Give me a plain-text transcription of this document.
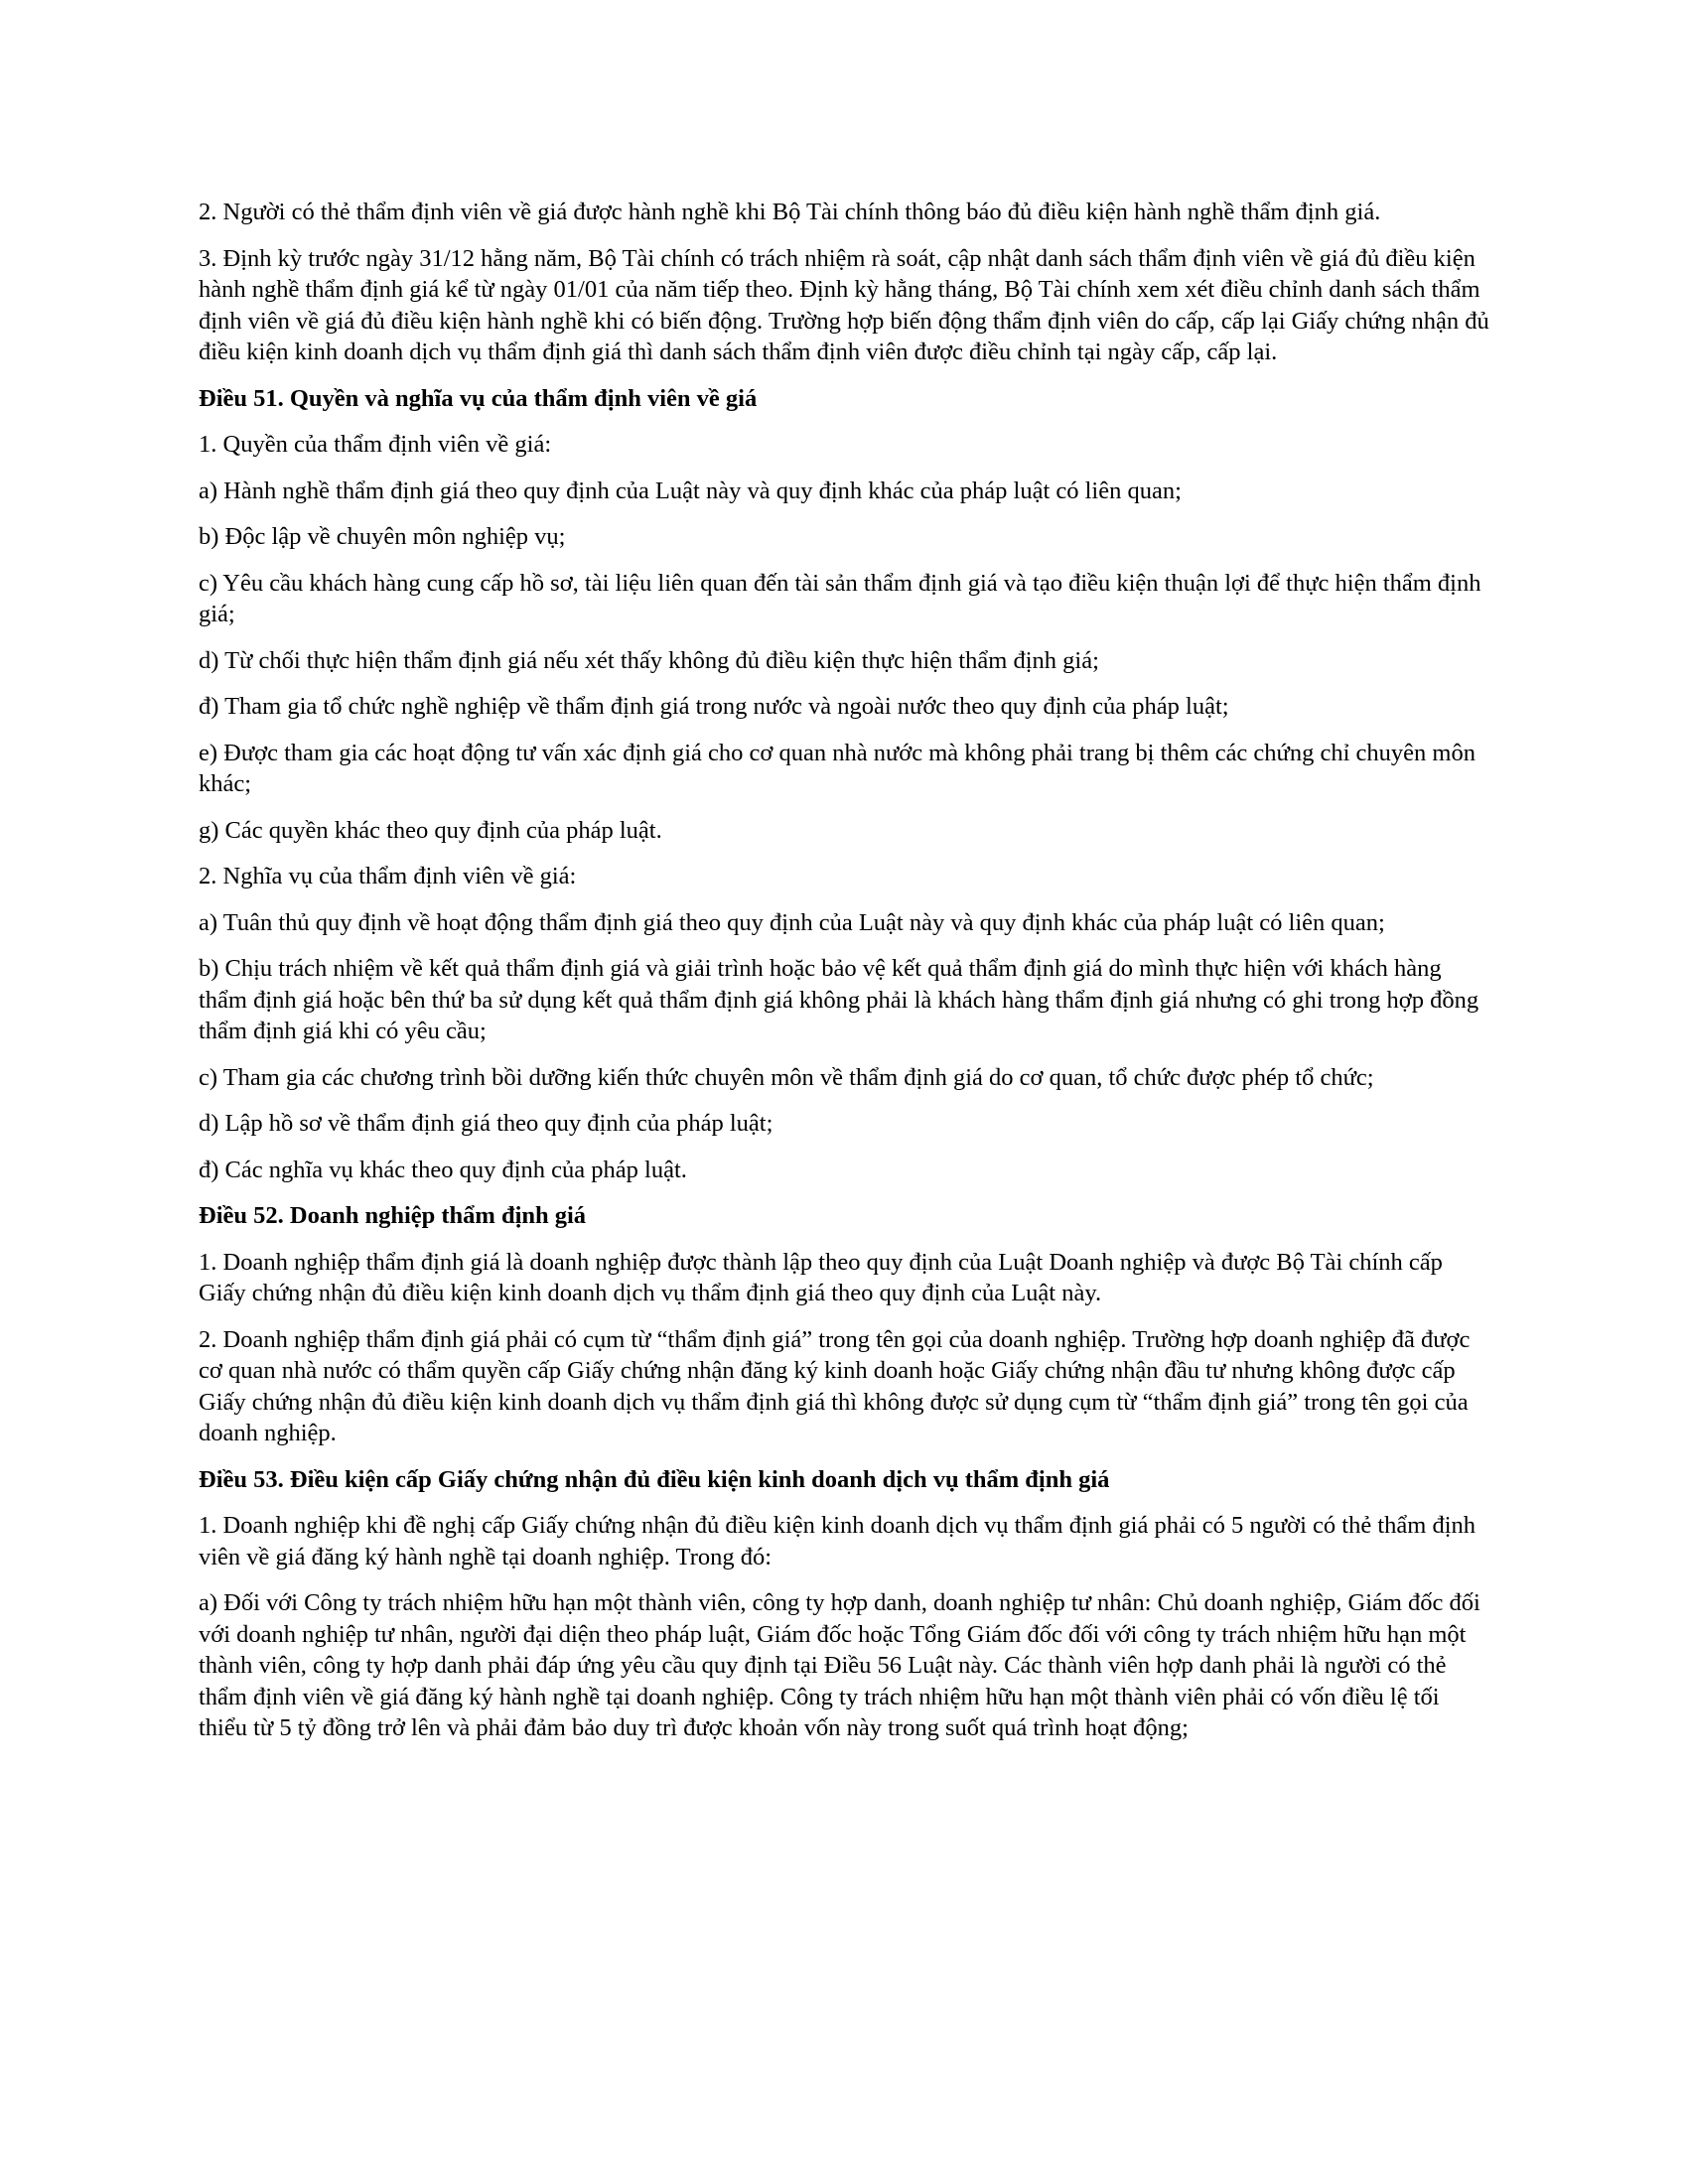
2. Người có thẻ thẩm định viên về giá được hành nghề khi Bộ Tài chính thông báo đủ điều kiện hành nghề thẩm định giá.

3. Định kỳ trước ngày 31/12 hằng năm, Bộ Tài chính có trách nhiệm rà soát, cập nhật danh sách thẩm định viên về giá đủ điều kiện hành nghề thẩm định giá kể từ ngày 01/01 của năm tiếp theo. Định kỳ hằng tháng, Bộ Tài chính xem xét điều chỉnh danh sách thẩm định viên về giá đủ điều kiện hành nghề khi có biến động. Trường hợp biến động thẩm định viên do cấp, cấp lại Giấy chứng nhận đủ điều kiện kinh doanh dịch vụ thẩm định giá thì danh sách thẩm định viên được điều chỉnh tại ngày cấp, cấp lại.

Điều 51. Quyền và nghĩa vụ của thẩm định viên về giá

1. Quyền của thẩm định viên về giá:

a) Hành nghề thẩm định giá theo quy định của Luật này và quy định khác của pháp luật có liên quan;

b) Độc lập về chuyên môn nghiệp vụ;

c) Yêu cầu khách hàng cung cấp hồ sơ, tài liệu liên quan đến tài sản thẩm định giá và tạo điều kiện thuận lợi để thực hiện thẩm định giá;

d) Từ chối thực hiện thẩm định giá nếu xét thấy không đủ điều kiện thực hiện thẩm định giá;

đ) Tham gia tổ chức nghề nghiệp về thẩm định giá trong nước và ngoài nước theo quy định của pháp luật;

e) Được tham gia các hoạt động tư vấn xác định giá cho cơ quan nhà nước mà không phải trang bị thêm các chứng chỉ chuyên môn khác;

g) Các quyền khác theo quy định của pháp luật.

2. Nghĩa vụ của thẩm định viên về giá:

a) Tuân thủ quy định về hoạt động thẩm định giá theo quy định của Luật này và quy định khác của pháp luật có liên quan;

b) Chịu trách nhiệm về kết quả thẩm định giá và giải trình hoặc bảo vệ kết quả thẩm định giá do mình thực hiện với khách hàng thẩm định giá hoặc bên thứ ba sử dụng kết quả thẩm định giá không phải là khách hàng thẩm định giá nhưng có ghi trong hợp đồng thẩm định giá khi có yêu cầu;

c) Tham gia các chương trình bồi dưỡng kiến thức chuyên môn về thẩm định giá do cơ quan, tổ chức được phép tổ chức;

d) Lập hồ sơ về thẩm định giá theo quy định của pháp luật;

đ) Các nghĩa vụ khác theo quy định của pháp luật.

Điều 52. Doanh nghiệp thẩm định giá

1. Doanh nghiệp thẩm định giá là doanh nghiệp được thành lập theo quy định của Luật Doanh nghiệp và được Bộ Tài chính cấp Giấy chứng nhận đủ điều kiện kinh doanh dịch vụ thẩm định giá theo quy định của Luật này.

2. Doanh nghiệp thẩm định giá phải có cụm từ “thẩm định giá” trong tên gọi của doanh nghiệp. Trường hợp doanh nghiệp đã được cơ quan nhà nước có thẩm quyền cấp Giấy chứng nhận đăng ký kinh doanh hoặc Giấy chứng nhận đầu tư nhưng không được cấp Giấy chứng nhận đủ điều kiện kinh doanh dịch vụ thẩm định giá thì không được sử dụng cụm từ “thẩm định giá” trong tên gọi của doanh nghiệp.

Điều 53. Điều kiện cấp Giấy chứng nhận đủ điều kiện kinh doanh dịch vụ thẩm định giá

1. Doanh nghiệp khi đề nghị cấp Giấy chứng nhận đủ điều kiện kinh doanh dịch vụ thẩm định giá phải có 5 người có thẻ thẩm định viên về giá đăng ký hành nghề tại doanh nghiệp. Trong đó:

a) Đối với Công ty trách nhiệm hữu hạn một thành viên, công ty hợp danh, doanh nghiệp tư nhân: Chủ doanh nghiệp, Giám đốc đối với doanh nghiệp tư nhân, người đại diện theo pháp luật, Giám đốc hoặc Tổng Giám đốc đối với công ty trách nhiệm hữu hạn một thành viên, công ty hợp danh phải đáp ứng yêu cầu quy định tại Điều 56 Luật này. Các thành viên hợp danh phải là người có thẻ thẩm định viên về giá đăng ký hành nghề tại doanh nghiệp. Công ty trách nhiệm hữu hạn một thành viên phải có vốn điều lệ tối thiểu từ 5 tỷ đồng trở lên và phải đảm bảo duy trì được khoản vốn này trong suốt quá trình hoạt động;
